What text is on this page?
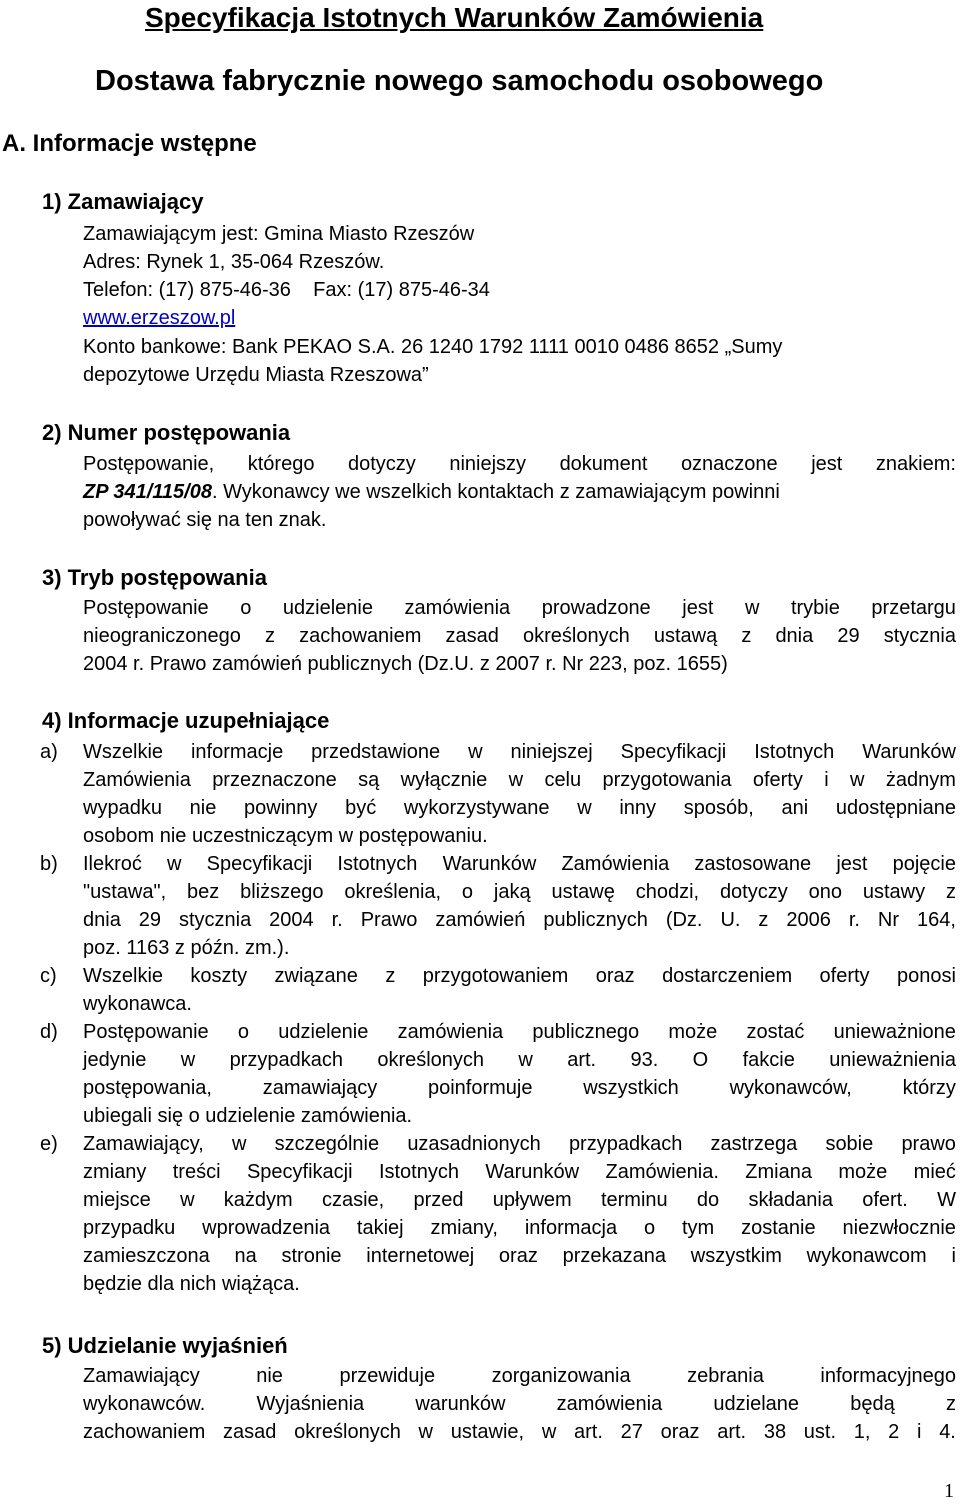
Specyfikacja Istotnych Warunków Zamówienia
Dostawa fabrycznie nowego samochodu osobowego
A. Informacje wstępne
1) Zamawiający
Zamawiającym jest: Gmina Miasto Rzeszów
Adres: Rynek 1, 35-064 Rzeszów.
Telefon: (17) 875-46-36    Fax: (17) 875-46-34
www.erzeszow.pl
Konto bankowe: Bank PEKAO S.A. 26 1240 1792 1111 0010 0486 8652 „Sumy
depozytowe Urzędu Miasta Rzeszowa”
2) Numer postępowania
Postępowanie, którego dotyczy niniejszy dokument oznaczone jest znakiem:
ZP 341/115/08. Wykonawcy we wszelkich kontaktach z zamawiającym powinni
powoływać się na ten znak.
3) Tryb postępowania
Postępowanie o udzielenie zamówienia prowadzone jest w trybie przetargu
nieograniczonego z zachowaniem zasad określonych ustawą z dnia 29 stycznia
2004 r. Prawo zamówień publicznych (Dz.U. z 2007 r. Nr 223, poz. 1655)
4) Informacje uzupełniające
a) Wszelkie informacje przedstawione w niniejszej Specyfikacji Istotnych Warunków
Zamówienia przeznaczone są wyłącznie w celu przygotowania oferty i w żadnym
wypadku nie powinny być wykorzystywane w inny sposób, ani udostępniane
osobom nie uczestniczącym w postępowaniu.
b) Ilekroć w Specyfikacji Istotnych Warunków Zamówienia zastosowane jest pojęcie
"ustawa", bez bliższego określenia, o jaką ustawę chodzi, dotyczy ono ustawy z
dnia 29 stycznia 2004 r. Prawo zamówień publicznych (Dz. U. z 2006 r. Nr 164,
poz. 1163 z późn. zm.).
c) Wszelkie koszty związane z przygotowaniem oraz dostarczeniem oferty ponosi
wykonawca.
d) Postępowanie o udzielenie zamówienia publicznego może zostać unieważnione
jedynie w przypadkach określonych w art. 93. O fakcie unieważnienia
postępowania,	zamawiający	poinformuje	wszystkich	wykonawców,	którzy
ubiegali się o udzielenie zamówienia.
e) Zamawiający, w szczególnie uzasadnionych przypadkach zastrzega sobie prawo
zmiany treści Specyfikacji Istotnych Warunków Zamówienia. Zmiana może mieć
miejsce w każdym czasie, przed upływem terminu do składania ofert. W
przypadku wprowadzenia takiej zmiany, informacja o tym zostanie niezwłocznie
zamieszczona na stronie internetowej oraz przekazana wszystkim wykonawcom i
będzie dla nich wiążąca.
5) Udzielanie wyjaśnień
Zamawiający	nie	przewiduje	zorganizowania	zebrania	informacyjnego
wykonawców.	Wyjaśnienia	warunków	zamówienia	udzielane	będą	z
zachowaniem zasad określonych w ustawie, w art. 27 oraz art. 38 ust. 1, 2 i 4.
1
